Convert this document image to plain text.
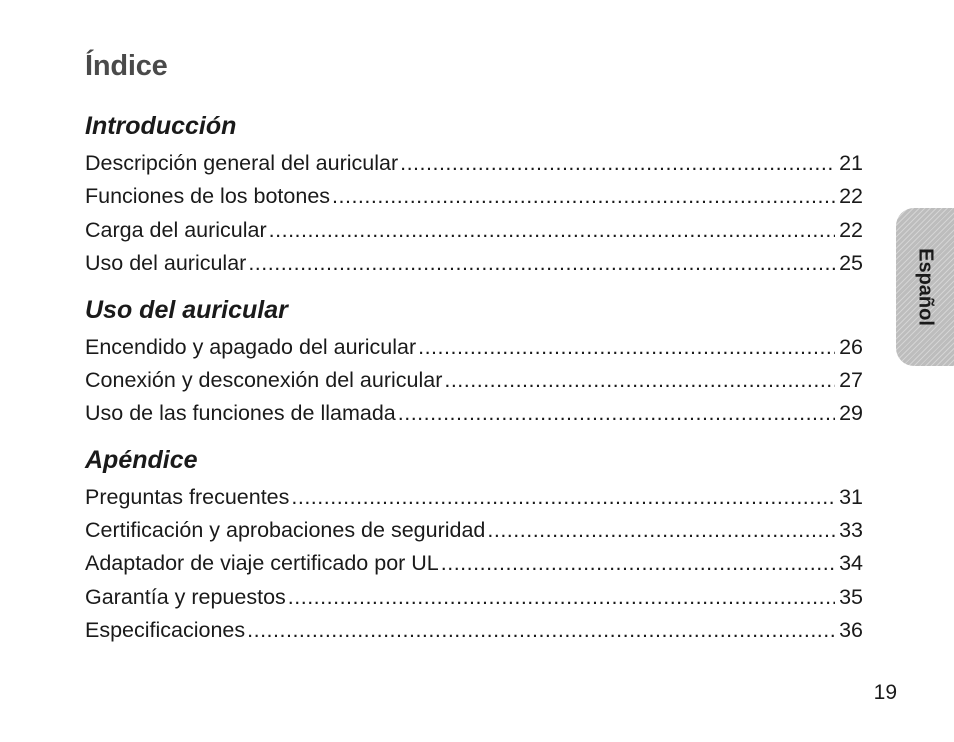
Índice
Introducción
Descripción general del auricular .....	21
Funciones de los botones .....	22
Carga del auricular .....	22
Uso del auricular .....	25
Uso del auricular
Encendido y apagado del auricular .....	26
Conexión y desconexión del auricular .....	27
Uso de las funciones de llamada .....	29
Apéndice
Preguntas frecuentes .....	31
Certificación y aprobaciones de seguridad .....	33
Adaptador de viaje certificado por UL .....	34
Garantía y repuestos .....	35
Especificaciones .....	36
Español
19
